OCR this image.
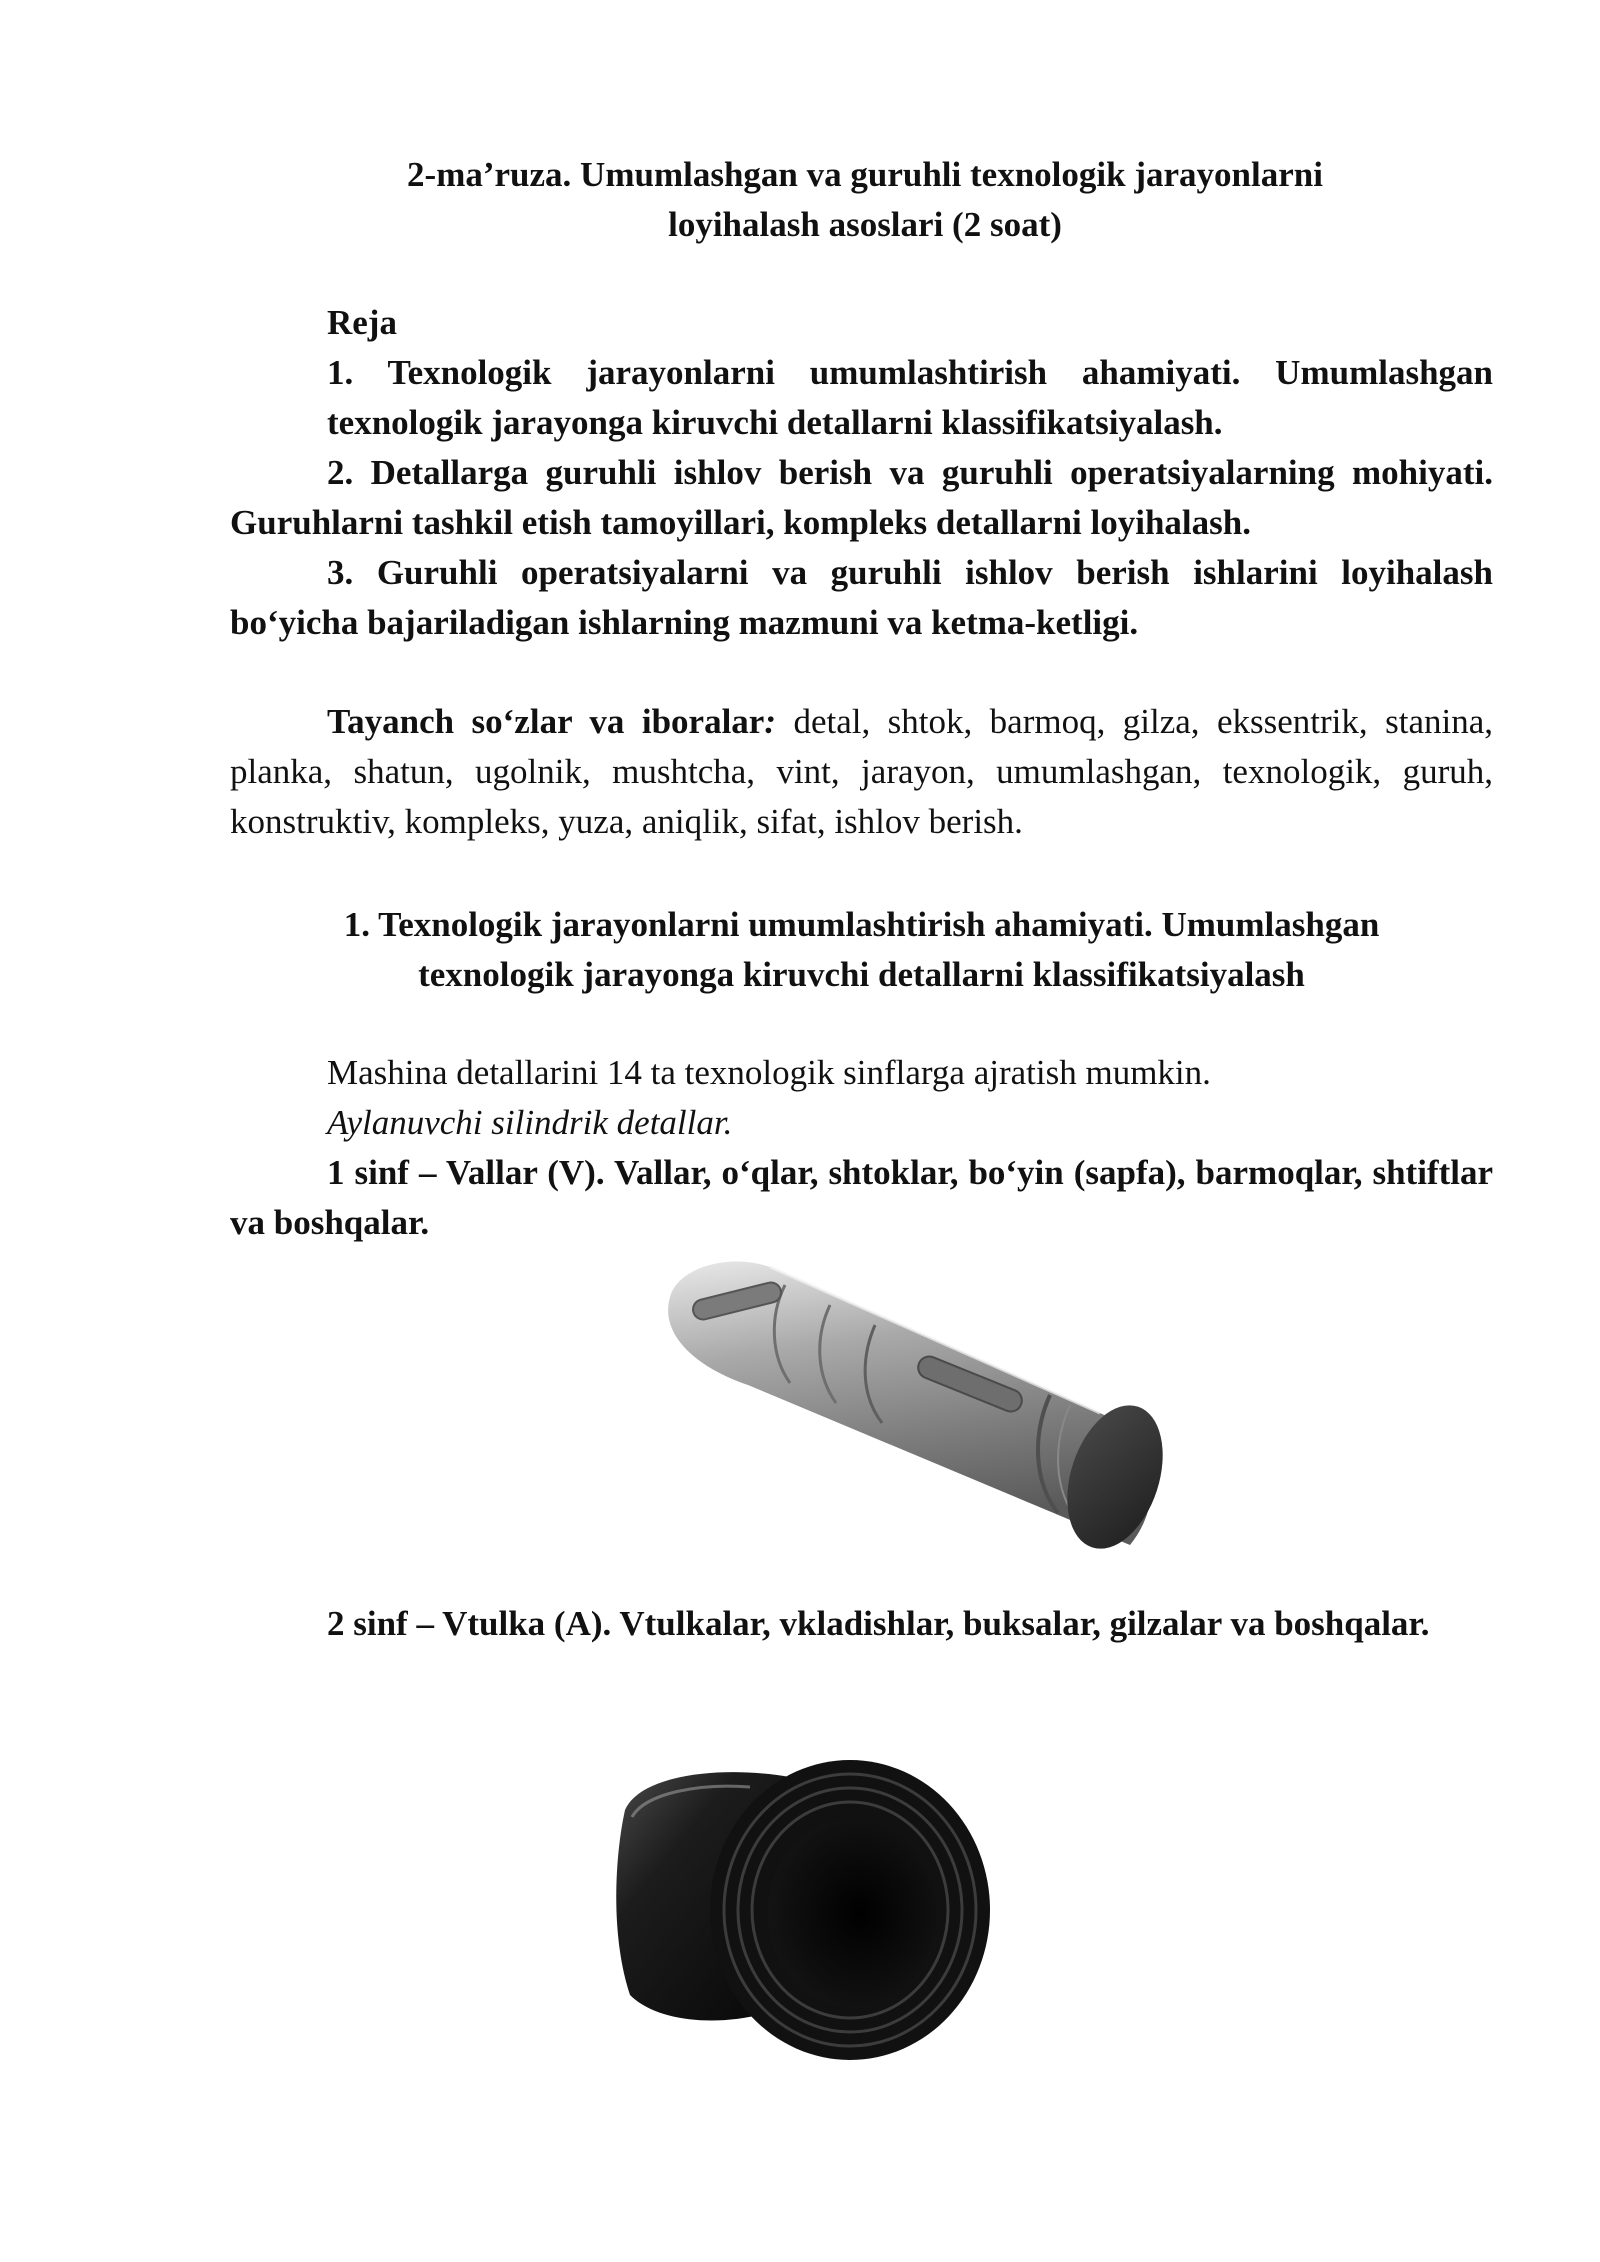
2-ma’ruza. Umumlashgan va guruhli texnologik jarayonlarni
loyihalash asoslari (2 soat)

Reja

1. Texnologik jarayonlarni umumlashtirish ahamiyati. Umumlashgan texnologik jarayonga kiruvchi detallarni klassifikatsiyalash.

2. Detallarga guruhli ishlov berish va guruhli operatsiyalarning mohiyati. Guruhlarni tashkil etish tamoyillari, kompleks detallarni loyihalash.

3. Guruhli operatsiyalarni va guruhli ishlov berish ishlarini loyihalash bo‘yicha bajariladigan ishlarning mazmuni va ketma-ketligi.

Tayanch so‘zlar va iboralar: detal, shtok, barmoq, gilza, ekssentrik, stanina, planka, shatun, ugolnik, mushtcha, vint, jarayon, umumlashgan, texnologik, guruh, konstruktiv, kompleks, yuza, aniqlik, sifat, ishlov berish.

1. Texnologik jarayonlarni umumlashtirish ahamiyati. Umumlashgan
texnologik jarayonga kiruvchi detallarni klassifikatsiyalash

Mashina detallarini 14 ta texnologik sinflarga ajratish mumkin.

Aylanuvchi silindrik detallar.

1 sinf – Vallar (V). Vallar, o‘qlar, shtoklar, bo‘yin (sapfa), barmoqlar, shtiftlar va boshqalar.

2 sinf – Vtulka (A). Vtulkalar, vkladishlar, buksalar, gilzalar va boshqalar.
